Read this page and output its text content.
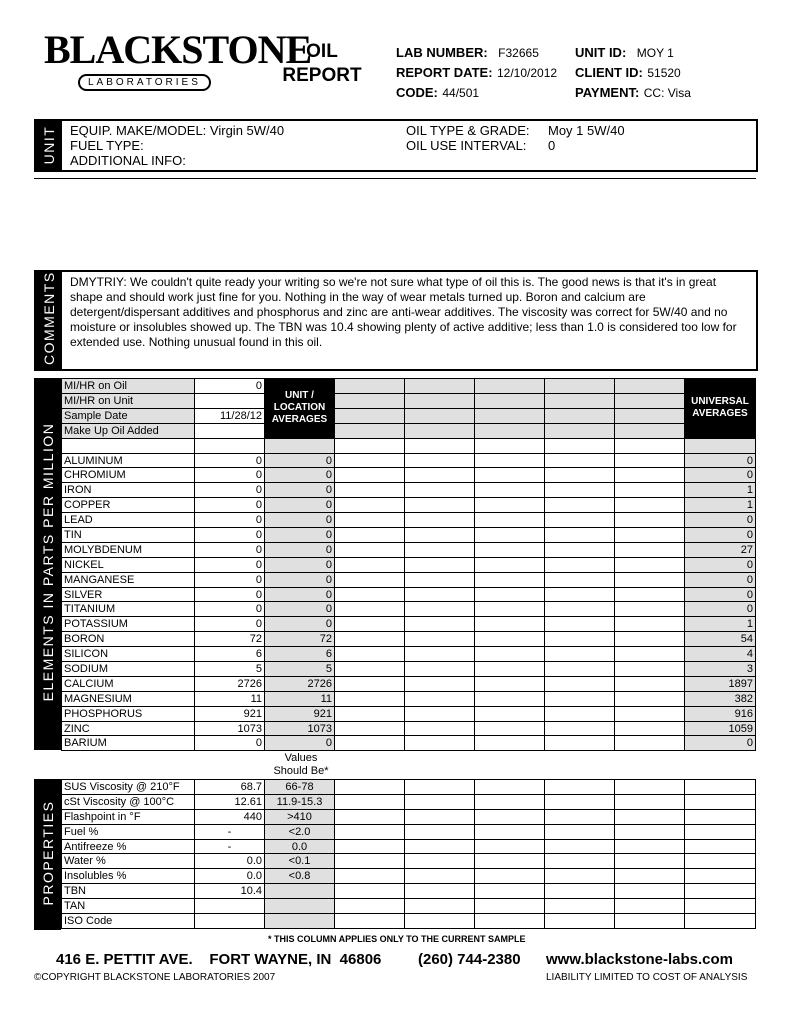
BLACKSTONE
LABORATORIES
OIL
REPORT
LAB NUMBER: F32665
REPORT DATE: 12/10/2012
CODE: 44/501
UNIT ID: MOY 1
CLIENT ID: 51520
PAYMENT: CC: Visa
UNIT EQUIP. MAKE/MODEL: Virgin 5W/40
FUEL TYPE:
ADDITIONAL INFO:
OIL TYPE & GRADE: Moy 1 5W/40
OIL USE INTERVAL: 0
COMMENTS DMYTRIY: We couldn't quite ready your writing so we're not sure what type of oil this is. The good news is that it's in great shape and should work just fine for you. Nothing in the way of wear metals turned up. Boron and calcium are detergent/dispersant additives and phosphorus and zinc are anti-wear additives. The viscosity was correct for 5W/40 and no moisture or insolubles showed up. The TBN was 10.4 showing plenty of active additive; less than 1.0 is considered too low for extended use. Nothing unusual found in this oil.
ELEMENTS IN PARTS PER MILLION
MI/HR on Oil	0	UNIT / LOCATION AVERAGES						UNIVERSAL AVERAGES
MI/HR on Unit								
Sample Date	11/28/12							
Make Up Oil Added								

ALUMINUM	0	0						0
CHROMIUM	0	0						0
IRON	0	0						1
COPPER	0	0						1
LEAD	0	0						0
TIN	0	0						0
MOLYBDENUM	0	0						27
NICKEL	0	0						0
MANGANESE	0	0						0
SILVER	0	0						0
TITANIUM	0	0						0
POTASSIUM	0	0						1
BORON	72	72						54
SILICON	6	6						4
SODIUM	5	5						3
CALCIUM	2726	2726						1897
MAGNESIUM	11	11						382
PHOSPHORUS	921	921						916
ZINC	1073	1073						1059
BARIUM	0	0						0
Values Should Be*
PROPERTIES
SUS Viscosity @ 210°F	68.7	66-78						
cSt Viscosity @ 100°C	12.61	11.9-15.3						
Flashpoint in °F	440	>410						
Fuel %	-	<2.0						
Antifreeze %	-	0.0						
Water %	0.0	<0.1						
Insolubles %	0.0	<0.8						
TBN	10.4							
TAN								
ISO Code								
* THIS COLUMN APPLIES ONLY TO THE CURRENT SAMPLE
416 E. PETTIT AVE.    FORT WAYNE, IN  46806 (260) 744-2380 www.blackstone-labs.com
©COPYRIGHT BLACKSTONE LABORATORIES 2007	LIABILITY LIMITED TO COST OF ANALYSIS
